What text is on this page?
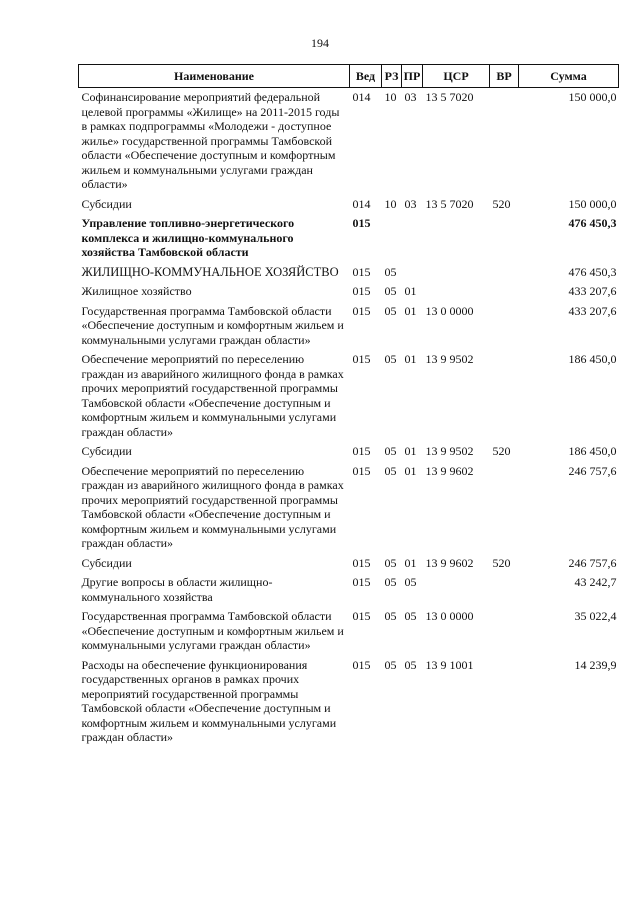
194
Наименование	Вед	РЗ	ПР	ЦСР	ВР	Сумма
Софинансирование мероприятий федеральной целевой программы «Жилище» на 2011-2015 годы в рамках подпрограммы «Молодежи - доступное жилье» государственной программы Тамбовской области «Обеспечение доступным и комфортным жильем и коммунальными услугами граждан области»	014	10	03	13 5 7020		150 000,0
Субсидии	014	10	03	13 5 7020	520	150 000,0
Управление топливно-энергетического комплекса и жилищно-коммунального хозяйства Тамбовской области	015					476 450,3
ЖИЛИЩНО-КОММУНАЛЬНОЕ ХОЗЯЙСТВО	015	05				476 450,3
Жилищное хозяйство	015	05	01			433 207,6
Государственная программа Тамбовской области «Обеспечение доступным и комфортным жильем и коммунальными услугами граждан области»	015	05	01	13 0 0000		433 207,6
Обеспечение мероприятий по переселению граждан из аварийного жилищного фонда в рамках прочих мероприятий государственной программы Тамбовской области «Обеспечение доступным и комфортным жильем и коммунальными услугами граждан области»	015	05	01	13 9 9502		186 450,0
Субсидии	015	05	01	13 9 9502	520	186 450,0
Обеспечение мероприятий по переселению граждан из аварийного жилищного фонда в рамках прочих мероприятий государственной программы Тамбовской области «Обеспечение доступным и комфортным жильем и коммунальными услугами граждан области»	015	05	01	13 9 9602		246 757,6
Субсидии	015	05	01	13 9 9602	520	246 757,6
Другие вопросы в области жилищно-коммунального хозяйства	015	05	05			43 242,7
Государственная программа Тамбовской области «Обеспечение доступным и комфортным жильем и коммунальными услугами граждан области»	015	05	05	13 0 0000		35 022,4
Расходы на обеспечение функционирования государственных органов в рамках прочих мероприятий государственной программы Тамбовской области «Обеспечение доступным и комфортным жильем и коммунальными услугами граждан области»	015	05	05	13 9 1001		14 239,9
